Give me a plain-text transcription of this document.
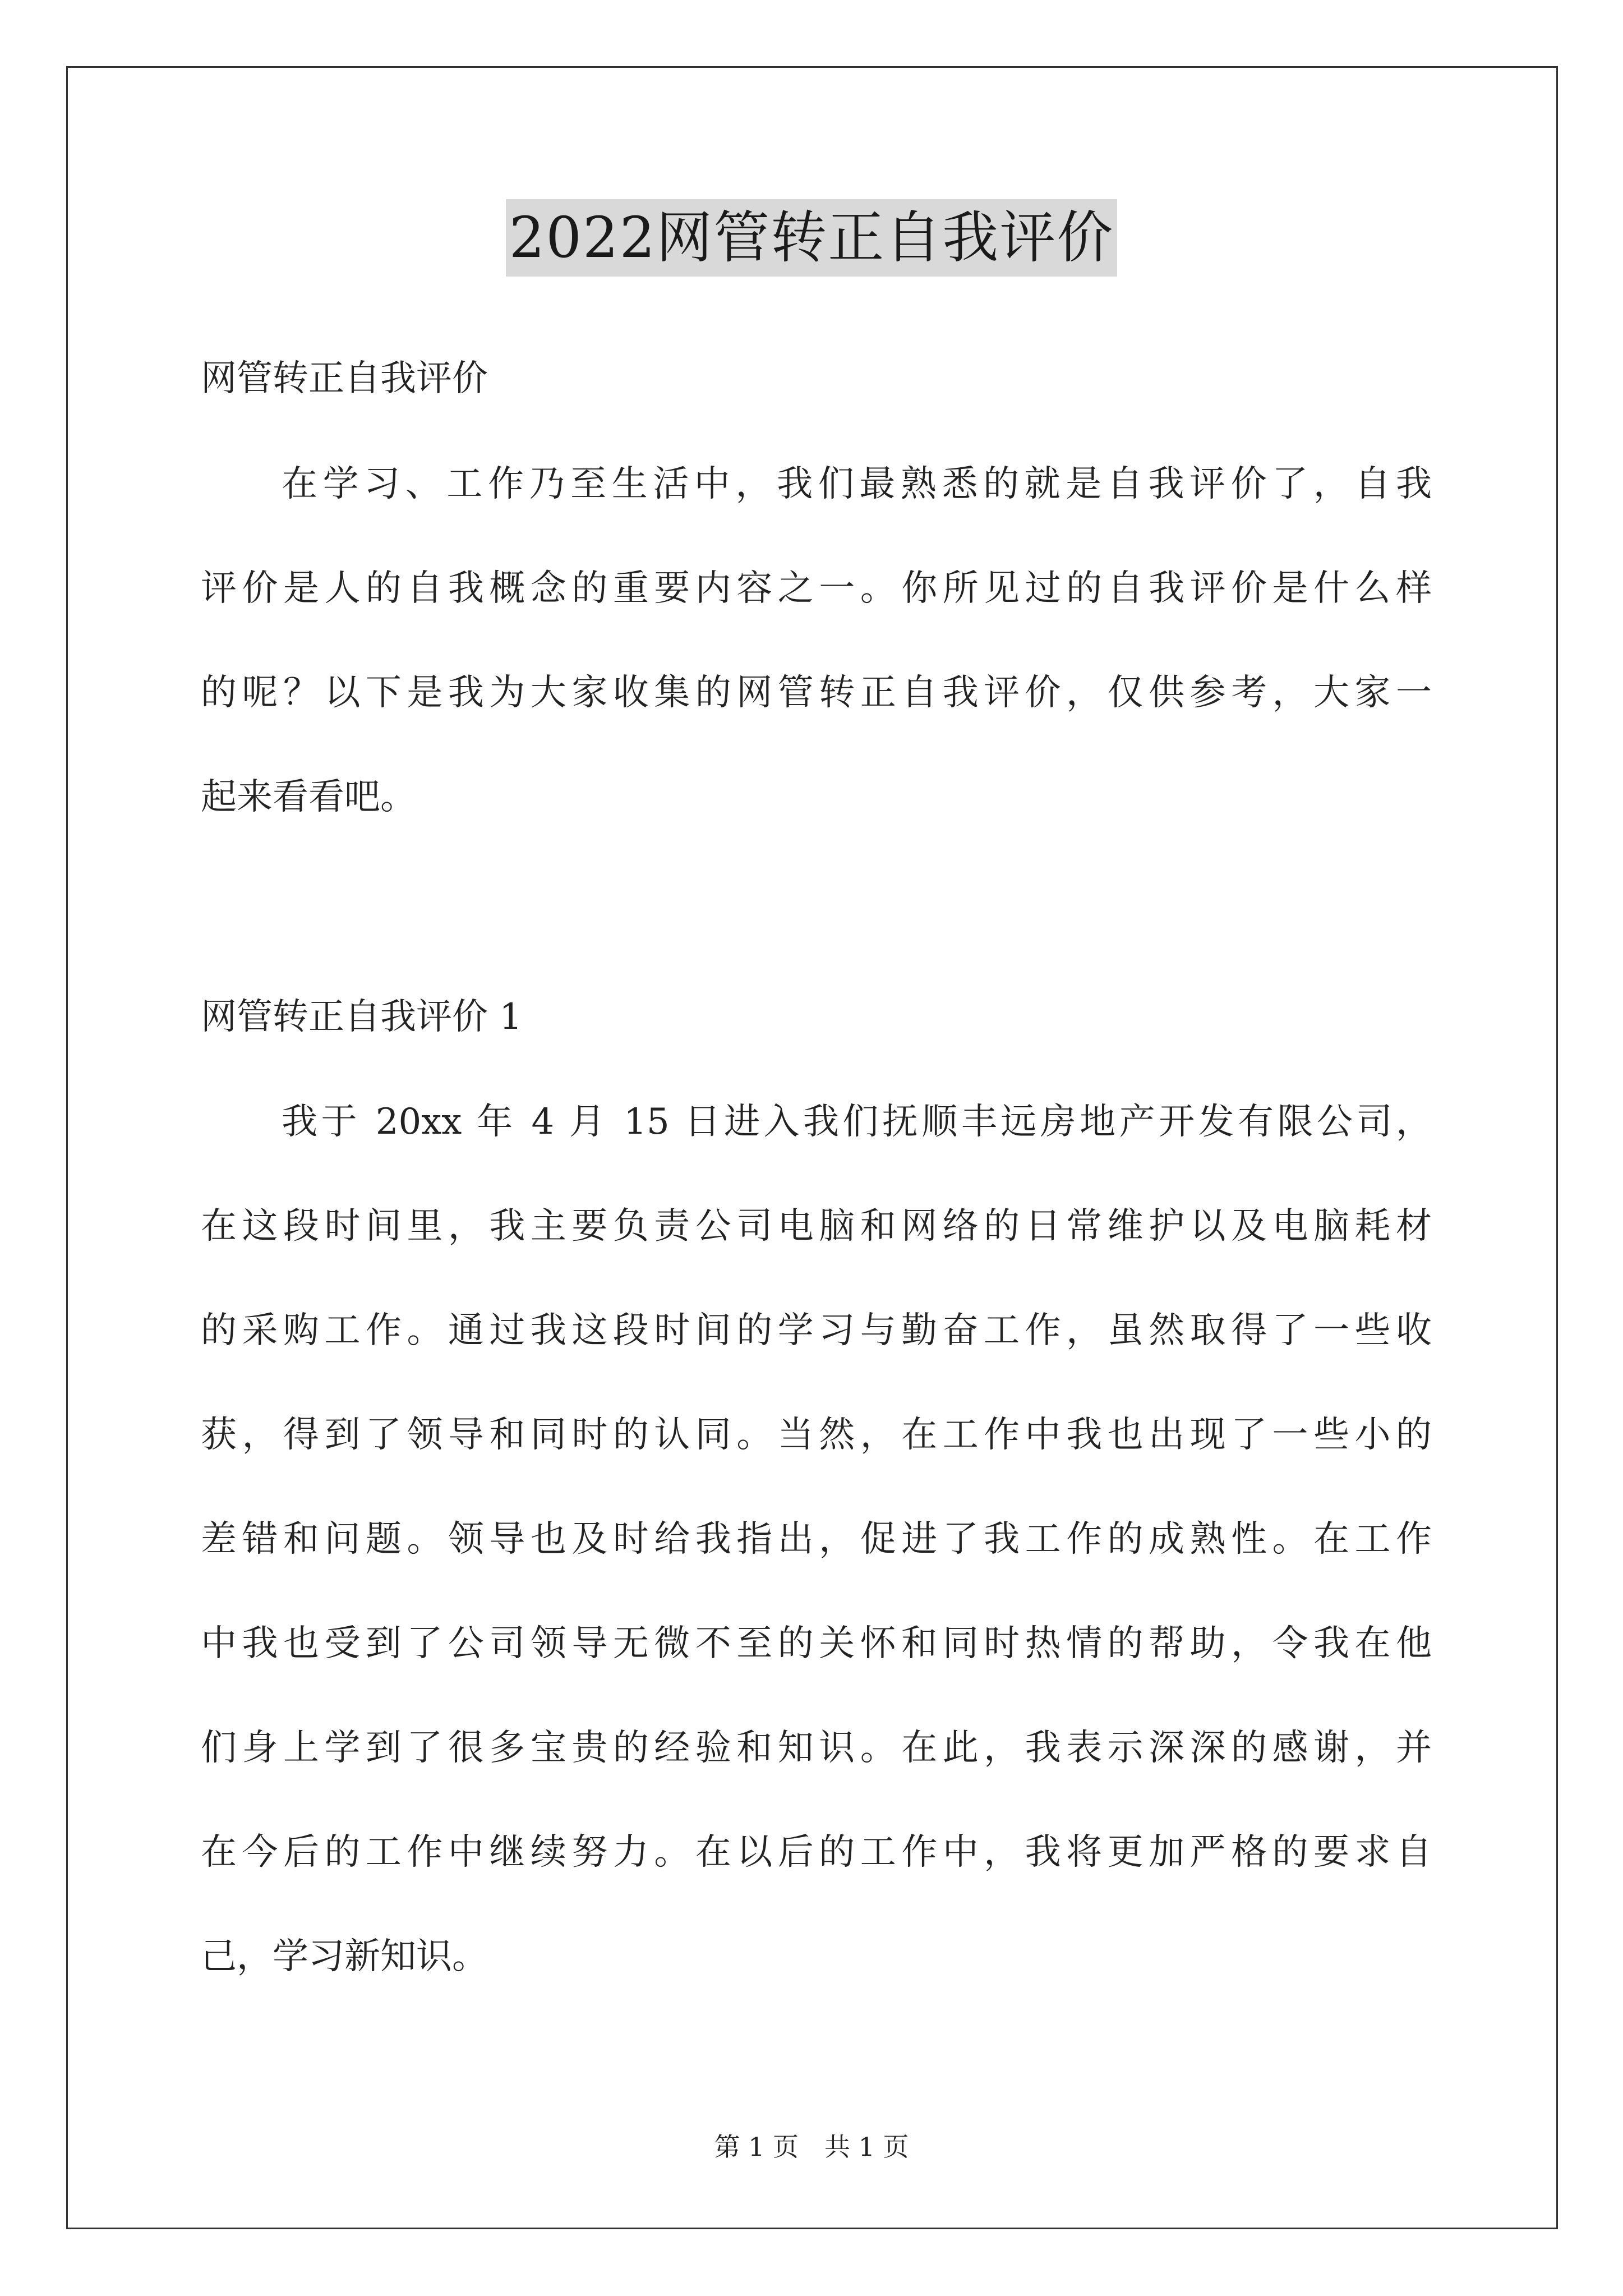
2022网管转正自我评价
网管转正自我评价
在学习、工作乃至生活中，我们最熟悉的就是自我评价了，自我
评价是人的自我概念的重要内容之一。你所见过的自我评价是什么样
的呢？以下是我为大家收集的网管转正自我评价，仅供参考，大家一
起来看看吧。
网管转正自我评价 1
我于 20xx 年 4 月 15 日进入我们抚顺丰远房地产开发有限公司，
在这段时间里，我主要负责公司电脑和网络的日常维护以及电脑耗材
的采购工作。通过我这段时间的学习与勤奋工作，虽然取得了一些收
获，得到了领导和同时的认同。当然，在工作中我也出现了一些小的
差错和问题。领导也及时给我指出，促进了我工作的成熟性。在工作
中我也受到了公司领导无微不至的关怀和同时热情的帮助，令我在他
们身上学到了很多宝贵的经验和知识。在此，我表示深深的感谢，并
在今后的工作中继续努力。在以后的工作中，我将更加严格的要求自
己，学习新知识。
第 1 页　共 1 页
